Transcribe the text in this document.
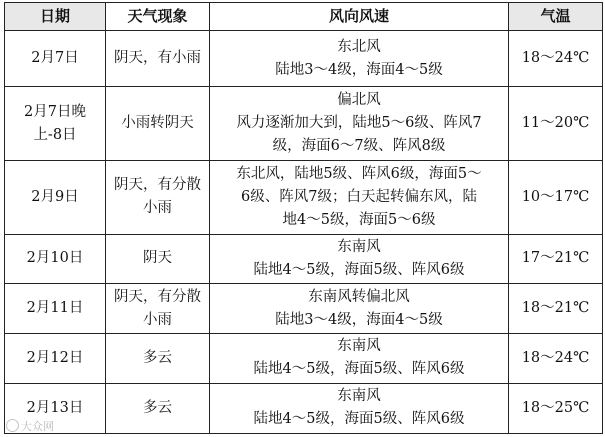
日期	天气现象	风向风速	气温

2月7日	阴天，有小雨	东北风
陆地3～4级，海面4～5级	18～24℃

2月7日晚
上-8日	小雨转阴天	偏北风
风力逐渐加大到，陆地5～6级、阵风7
级，海面6～7级、阵风8级	11～20℃

2月9日	阴天，有分散
小雨	东北风，陆地5级、阵风6级，海面5～
6级、阵风7级；白天起转偏东风，陆
地4～5级，海面5～6级	10～17℃

2月10日	阴天	东南风
陆地4～5级，海面5级、阵风6级	17～21℃

2月11日	阴天，有分散
小雨	东南风转偏北风
陆地3～4级，海面4～5级	18～21℃

2月12日	多云	东南风
陆地4～5级，海面5级、阵风6级	18～24℃

2月13日	多云	东南风
陆地4～5级，海面5级、阵风6级	18～25℃
大众网
